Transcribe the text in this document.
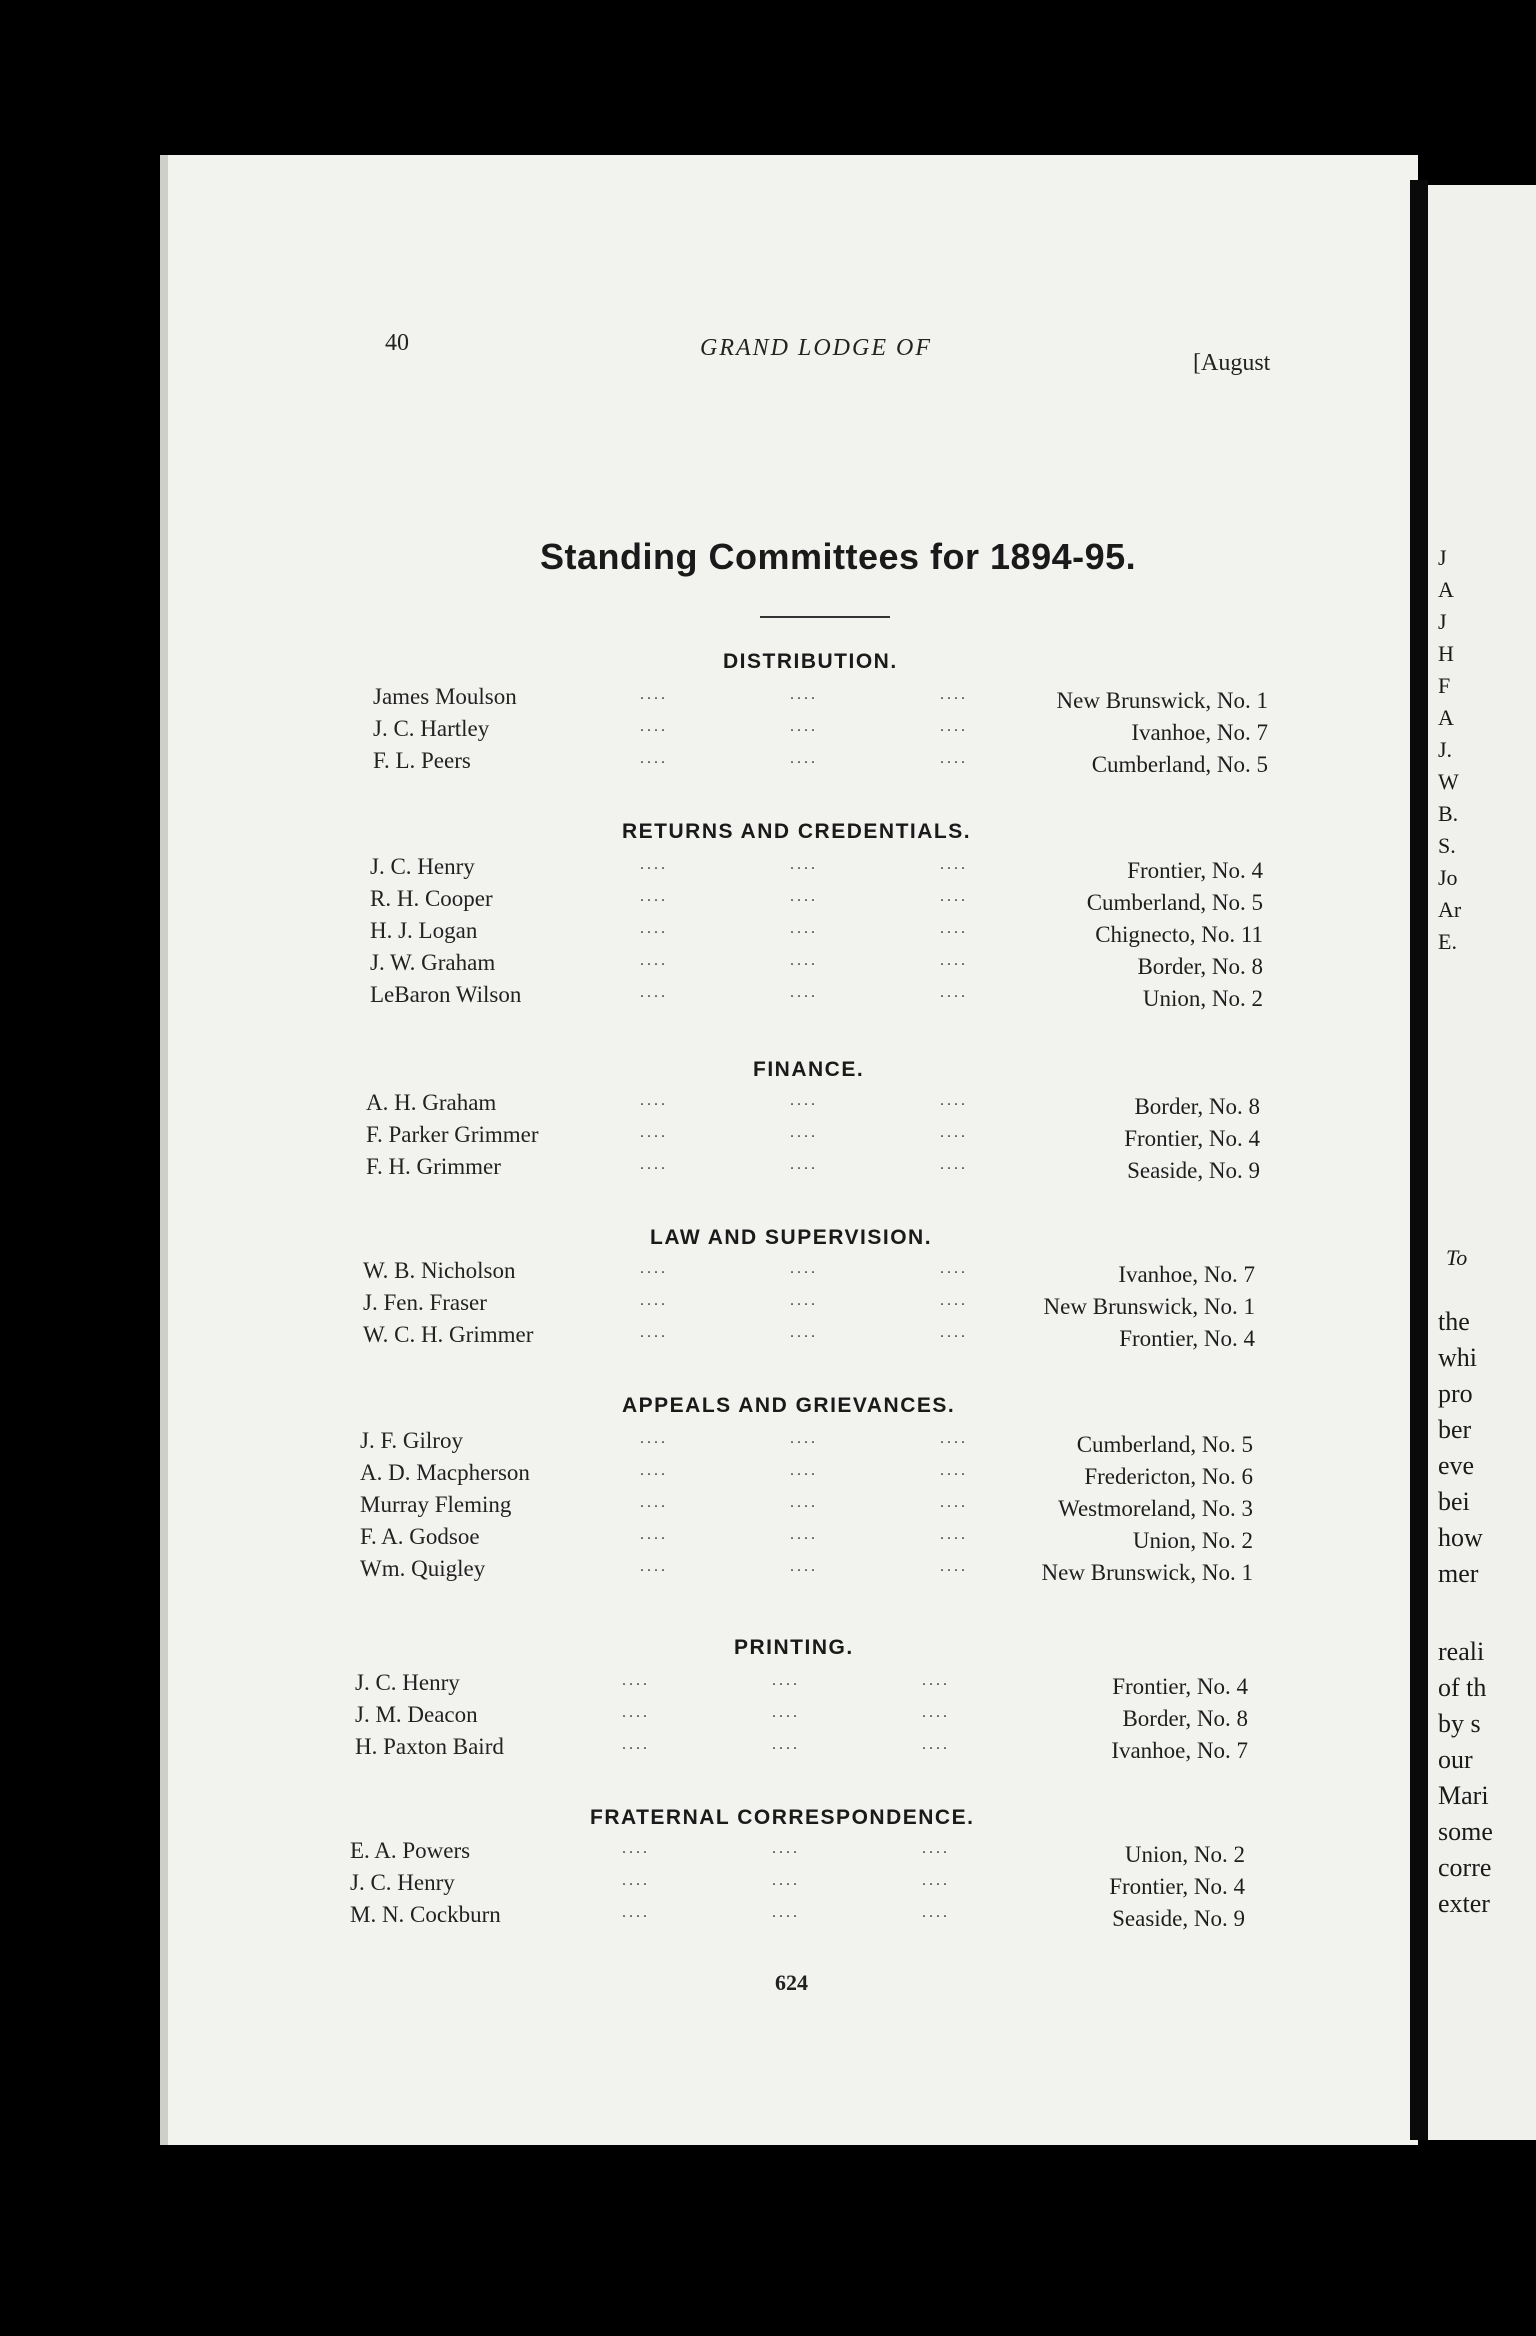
J
A
J
H
F
A
J.
W
B.
S.
Jo
Ar
E.
To
the
whi
pro
ber
eve
bei
how
mer
reali
of th
by s
our
Mari
some
corre
exter
40	GRAND LODGE OF
[August
Standing Committees for 1894-95.
DISTRIBUTION.
James Moulson	....	....	....	New Brunswick, No. 1
J. C. Hartley	....	....	....	Ivanhoe, No. 7
F. L. Peers	....	....	....	Cumberland, No. 5
RETURNS AND CREDENTIALS.
J. C. Henry	....	....	....	Frontier, No. 4
R. H. Cooper	....	....	....	Cumberland, No. 5
H. J. Logan	....	....	....	Chignecto, No. 11
J. W. Graham	....	....	....	Border, No. 8
LeBaron Wilson	....	....	....	Union, No. 2
FINANCE.
A. H. Graham	....	....	....	Border, No. 8
F. Parker Grimmer	....	....	....	Frontier, No. 4
F. H. Grimmer	....	....	....	Seaside, No. 9
LAW AND SUPERVISION.
W. B. Nicholson	....	....	....	Ivanhoe, No. 7
J. Fen. Fraser	....	....	....	New Brunswick, No. 1
W. C. H. Grimmer	....	....	....	Frontier, No. 4
APPEALS AND GRIEVANCES.
J. F. Gilroy	....	....	....	Cumberland, No. 5
A. D. Macpherson	....	....	....	Fredericton, No. 6
Murray Fleming	....	....	....	Westmoreland, No. 3
F. A. Godsoe	....	....	....	Union, No. 2
Wm. Quigley	....	....	....	New Brunswick, No. 1
PRINTING.
J. C. Henry	....	....	....	Frontier, No. 4
J. M. Deacon	....	....	....	Border, No. 8
H. Paxton Baird	....	....	....	Ivanhoe, No. 7
FRATERNAL CORRESPONDENCE.
E. A. Powers	....	....	....	Union, No. 2
J. C. Henry	....	....	....	Frontier, No. 4
M. N. Cockburn	....	....	....	Seaside, No. 9
624
